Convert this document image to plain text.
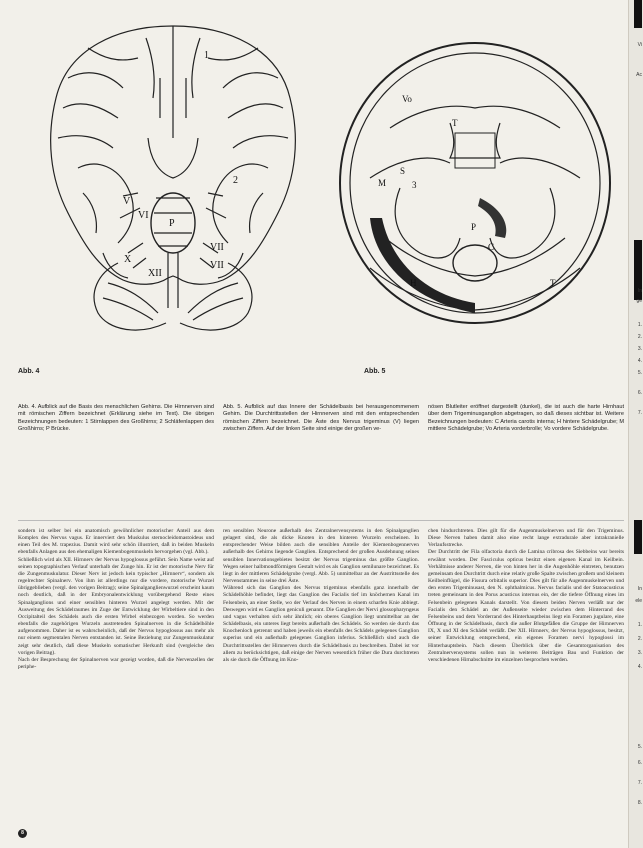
1
2
V
VI
VII
P
X
XII
VII
Abb. 4
Vo
T
M
S
3
P
H	T
C
Abb. 5
Abb. 4. Aufblick auf die Basis des menschlichen Gehirns. Die Hirnnerven sind mit römischen Ziffern bezeichnet (Erklärung siehe im Text). Die übrigen Bezeichnungen bedeuten: 1 Stirnlappen des Großhirns; 2 Schläfenlappen des Großhirns; P Brücke.
Abb. 5. Aufblick auf das Innere der Schädelbasis bei herausgenommenem Gehirn. Die Durchtrittsstellen der Hirnnerven sind mit den entsprechenden römischen Ziffern bezeichnet. Die Äste des Nervus trigeminus (V) liegen zwischen Ziffern. Auf der linken Seite sind einige der großen ve-
nösen Blutleiter eröffnet dargestellt (dunkel), die ist auch die harte Hirnhaut über dem Trigeminusganglion abgetragen, so daß dieses sichtbar ist. Weitere Bezeichnungen bedeuten: C Arteria carotis interna; H hintere Schädelgrube; M mittlere Schädelgrube; Vo Arteria vorderbrolle; Vo vordere Schädelgrube.
sondern ist selber bei ein anatomisch gewöhnlicher motorischer Anteil aus dem Komplex des Nervus vagus. Er innerviert den Muskulus sternocleidomastoideus und einen Teil des M. trapezius. Damit wird sehr schön illustriert, daß in beiden Muskeln ebenfalls Anlagen aus den ehemaligen Kiemenbogenmuskeln hervorgehen (vgl. Abb.).
Schließlich wird als XII. Hirnnerv der Nervus hypoglossus geführt. Sein Name weist auf seinen topographischen Verlauf unterhalb der Zunge hin. Er ist der motorische Nerv für die Zungenmuskulatur. Dieser Nerv ist jedoch kein typischer „Hirnnerv“, sondern als regelrechter Spinalnerv. Von ihm ist allerdings nur die vordere, motorische Wurzel übriggeblieben (vergl. den vorigen Beitrag); seine Spinalganglienwurzel erscheint kaum noch deutlich, daß in der Embryonalentwicklung vorübergehend Reste eines Spinalganglions und einer sensiblen hinteren Wurzel angelegt werden. Mit der Ausweitung des Schädelraumes im Zuge der Entwicklung der Wirbeltiere sind in den Occipitalteil des Schädels auch die ersten Wirbel einbezogen worden. So werden ebenfalls die zugehörigen Wurzeln austretenden Spinalnerven in die Schädelhöhle aufgenommen. Daher ist es wahrscheinlich, daß der Nervus hypoglossus aus mehr als nur einem segmentalen Nerven entstanden ist. Seine Beziehung zur Zungenmuskulatur zeigt sehr deutlich, daß diese Muskeln somatischer Herkunft sind (vergleiche den vorigen Beitrag).
Nach der Besprechung der Spinalnerven war gezeigt worden, daß die Nervenzellen der periphe-
ren sensiblen Neurone außerhalb des Zentralnervensystems in den Spinalganglien gelagert sind, die als dicke Knoten in den hinteren Wurzeln erscheinen. In entsprechender Weise bilden auch die sensiblen Anteile der Kiemenbogennerven außerhalb des Gehirns liegende Ganglien. Entsprechend der großen Ausdehnung seines sensiblen Innervationsgebietes besitzt der Nervus trigeminus das größte Ganglion. Wegen seiner halbmondförmigen Gestalt wird es als Ganglion semilunare bezeichnet. Es liegt in der mittleren Schädelgrube (vergl. Abb. 5) unmittelbar an der Austrittsstelle des Nervenstammes in seine drei Äste.
Während sich das Ganglion des Nervus trigeminus ebenfalls ganz innerhalb der Schädelhöhle befindet, liegt das Ganglion des Facialis tief im knöchernen Kanal im Felsenbein, an einer Stelle, wo der Verlauf des Nerven in einem scharfen Knie abbiegt. Deswegen wird es Ganglion geniculi genannt. Die Ganglien der Nervi glossopharyngeus und vagus verhalten sich sehr ähnlich; ein oberes Ganglion liegt unmittelbar an der Schädelbasis, ein unteres liegt bereits außerhalb des Schädels. So werden sie durch das Knochenloch getrennt und haben jeweils ein ebenfalls des Schädels gelegenes Ganglion superius und ein außerhalb gelegenes Ganglion inferius. Schließlich sind auch die Durchtrittsstellen der Hirnnerven durch die Schädelbasis zu beschreiben. Dabei ist vor allem zu berücksichtigen, daß einige der Nerven wesentlich früher die Dura durchtreten als sie durch die Öffnung im Kno-
chen hindurchtreten. Dies gilt für die Augenmuskelnerven und für den Trigeminus. Diese Nerven haben damit also eine recht lange extradurale aber intrakranielle Verlaufsstrecke.
Der Durchtritt der Fila olfactoria durch die Lamina cribrosa des Siebbeins war bereits erwähnt worden. Der Fasciculus opticus besitzt einen eigenen Kanal im Keilbein. Verhältnisse anderer Nerven, die von hinten her in die Augenhöhle eintreten, benutzen gemeinsam den Durchtritt durch eine relativ große Spalte zwischen großem und kleinem Keilbeinflügel, die Fissura orbitalis superior. Dies gilt für alle Augenmuskelnerven und den ersten Trigeminusast, den N. ophthalmicus. Nervus facialis und der Statoacusticus treten gemeinsam in den Porus acusticus internus ein, der die tiefere Öffnung eines im Felsenbein gelegenen Kanals darstellt. Von diesem beiden Nerven verläßt nur der Facialis den Schädel an der Außenseite wieder zwischen dem Hinterrand des Felsenbeins und dem Vorderrand des Hinterhauptbeins liegt ein Foramen jugulare, eine Öffnung in der Schädelbasis, durch die außer Blutgefäßen die Gruppe der Hirnnerven IX, X und XI den Schädel verläßt. Der XII. Hirnnerv, der Nervus hypoglossus, besitzt, seiner Entwicklung entsprechend, ein eigenes Foramen nervi hypoglossi im Hinterhauptsbein. Nach diesem Überblick über die Gesamtorganisation des Zentralnervensystems sollen nun in weiteren Beiträgen Bau und Funktion der verschiedenen Hirnabschnitte im einzelnen besprochen werden.
8
Vi
Ac
In
ge
1.
2.
3.
4.
5.
6.
7.
In
ele
1.
2.
3.
4.
5.
6.
7.
8.
